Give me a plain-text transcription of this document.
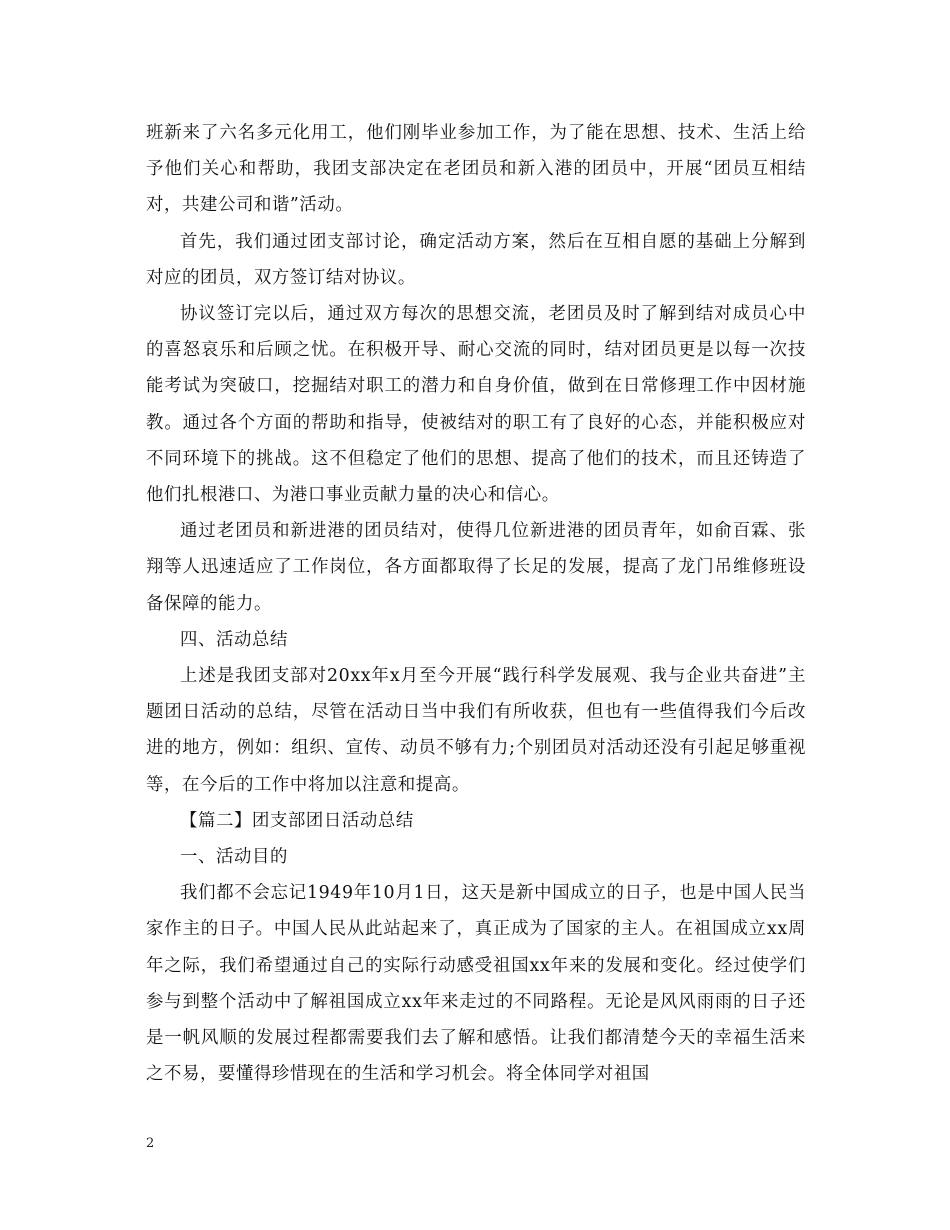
班新来了六名多元化用工，他们刚毕业参加工作，为了能在思想、技术、生活上给予他们关心和帮助，我团支部决定在老团员和新入港的团员中，开展“团员互相结对，共建公司和谐”活动。

首先，我们通过团支部讨论，确定活动方案，然后在互相自愿的基础上分解到对应的团员，双方签订结对协议。

协议签订完以后，通过双方每次的思想交流，老团员及时了解到结对成员心中的喜怒哀乐和后顾之忧。在积极开导、耐心交流的同时，结对团员更是以每一次技能考试为突破口，挖掘结对职工的潜力和自身价值，做到在日常修理工作中因材施教。通过各个方面的帮助和指导，使被结对的职工有了良好的心态，并能积极应对不同环境下的挑战。这不但稳定了他们的思想、提高了他们的技术，而且还铸造了他们扎根港口、为港口事业贡献力量的决心和信心。

通过老团员和新进港的团员结对，使得几位新进港的团员青年，如俞百霖、张翔等人迅速适应了工作岗位，各方面都取得了长足的发展，提高了龙门吊维修班设备保障的能力。

四、活动总结

上述是我团支部对20xx年x月至今开展“践行科学发展观、我与企业共奋进”主题团日活动的总结，尽管在活动日当中我们有所收获，但也有一些值得我们今后改进的地方，例如：组织、宣传、动员不够有力;个别团员对活动还没有引起足够重视等，在今后的工作中将加以注意和提高。

【篇二】团支部团日活动总结

一、活动目的

我们都不会忘记1949年10月1日，这天是新中国成立的日子，也是中国人民当家作主的日子。中国人民从此站起来了，真正成为了国家的主人。在祖国成立xx周年之际，我们希望通过自己的实际行动感受祖国xx年来的发展和变化。经过使学们参与到整个活动中了解祖国成立xx年来走过的不同路程。无论是风风雨雨的日子还是一帆风顺的发展过程都需要我们去了解和感悟。让我们都清楚今天的幸福生活来之不易，要懂得珍惜现在的生活和学习机会。将全体同学对祖国

2
